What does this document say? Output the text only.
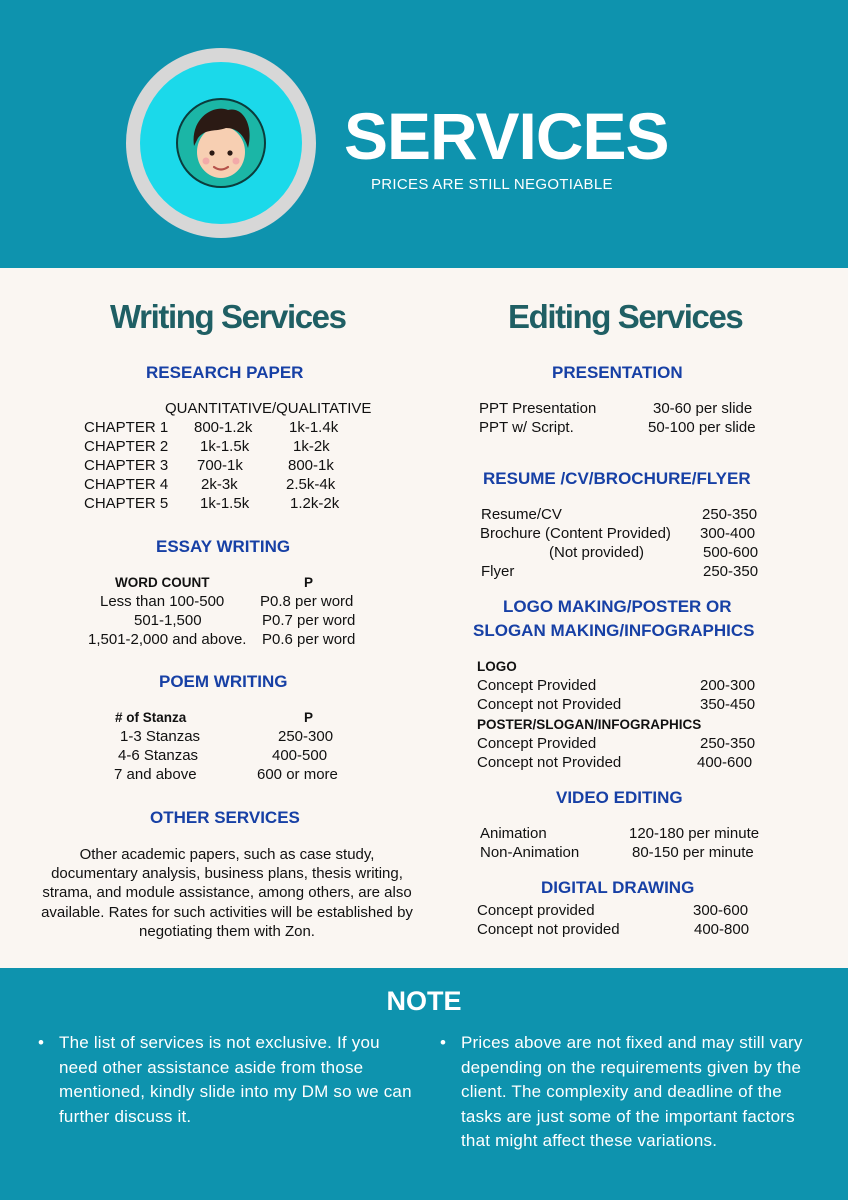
SERVICES
PRICES ARE STILL NEGOTIABLE
Writing Services
RESEARCH PAPER
QUANTITATIVE/QUALITATIVE
CHAPTER 1 800-1.2k 1k-1.4k
CHAPTER 2 1k-1.5k	1k-2k
CHAPTER 3 700-1k	800-1k
CHAPTER 4 2k-3k	2.5k-4k
CHAPTER 5 1k-1.5k	1.2k-2k
ESSAY WRITING
WORD COUNT	P
Less than 100-500 P0.8 per word
501-1,500	P0.7 per word
1,501-2,000 and above. P0.6 per word
POEM WRITING
# of Stanza	P
1-3 Stanzas	250-300
4-6 Stanzas	400-500
7 and above	600 or more
OTHER SERVICES
Other academic papers, such as case study, documentary analysis, business plans, thesis writing, strama, and module assistance, among others, are also available. Rates for such activities will be established by negotiating them with Zon.
Editing Services
PRESENTATION
PPT Presentation	30-60 per slide
PPT w/ Script.	50-100 per slide
RESUME /CV/BROCHURE/FLYER
Resume/CV	250-350
Brochure (Content Provided) 300-400
(Not provided)	500-600
Flyer	250-350
LOGO MAKING/POSTER OR
SLOGAN MAKING/INFOGRAPHICS
LOGO
Concept Provided	200-300
Concept not Provided	350-450
POSTER/SLOGAN/INFOGRAPHICS
Concept Provided	250-350
Concept not Provided	400-600
VIDEO EDITING
Animation	120-180 per minute
Non-Animation	80-150 per minute
DIGITAL DRAWING
Concept provided	300-600
Concept not provided	400-800
NOTE
• The list of services is not exclusive. If you need other assistance aside from those mentioned, kindly slide into my DM so we can further discuss it.
• Prices above are not fixed and may still vary depending on the requirements given by the client. The complexity and deadline of the tasks are just some of the important factors that might affect these variations.
